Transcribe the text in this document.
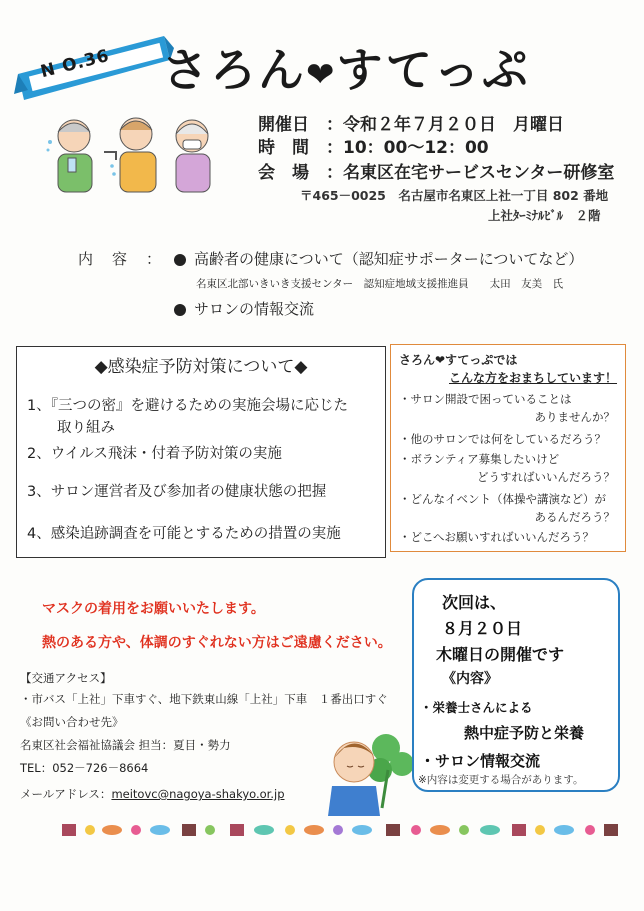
N O.36 さろん❤すてっぷ
開催日 ：令和２年７月２０日　月曜日
時　間 ：10：00～12：00
会　場 ：名東区在宅サービスセンター研修室
〒465－0025　名古屋市名東区上社一丁目 802 番地
上社ﾀｰﾐﾅﾙﾋﾞﾙ　２階
内　容　：	高齢者の健康について（認知症サポーターについてなど）
名東区北部いきいき支援センター　認知症地域支援推進員　　太田　友美　氏
サロンの情報交流
◆感染症予防対策について◆
1、『三つの密』を避けるための実施会場に応じた
取り組み
2、ウイルス飛沫・付着予防対策の実施
3、サロン運営者及び参加者の健康状態の把握
4、感染追跡調査を可能とするための措置の実施
さろん❤すてっぷでは
こんな方をおまちしています！
・サロン開設で困っていることは
ありませんか？
・他のサロンでは何をしているだろう？
・ボランティア募集したいけど
どうすればいいんだろう？
・どんなイベント（体操や講演など）が
あるんだろう？
・どこへお願いすればいいんだろう？
マスクの着用をお願いいたします。
熱のある方や、体調のすぐれない方はご遠慮ください。
【交通アクセス】
・市バス「上社」下車すぐ、地下鉄東山線「上社」下車　１番出口すぐ
《お問い合わせ先》
名東区社会福祉協議会 担当：夏目・勢力
TEL：052－726－8664
メールアドレス：meitovc@nagoya-shakyo.or.jp
次回は、
８月２０日
木曜日の開催です
《内容》
・栄養士さんによる
熱中症予防と栄養
・サロン情報交流
※内容は変更する場合があります。
